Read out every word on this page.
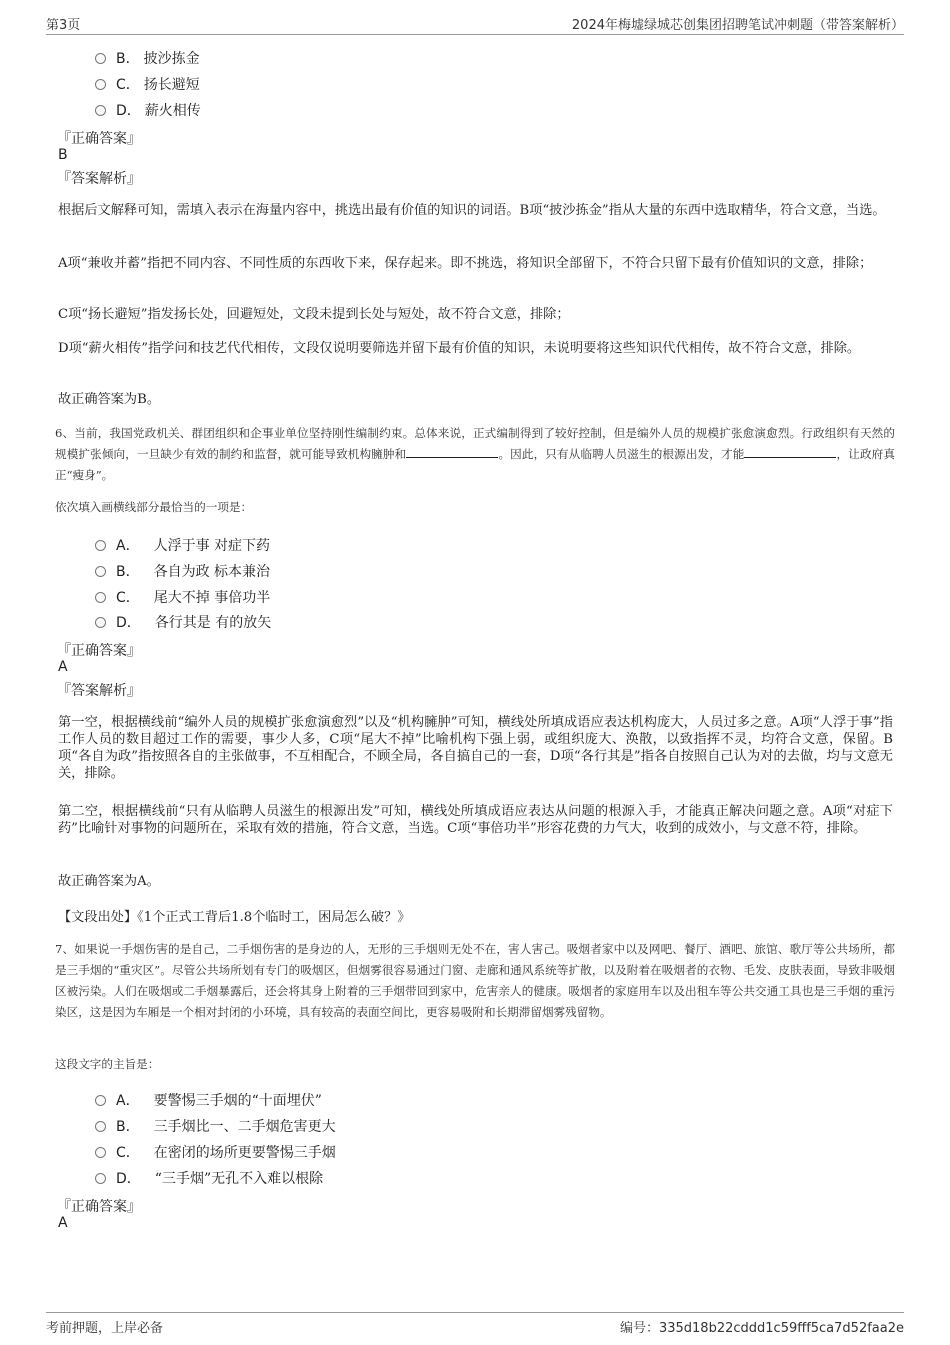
第3页	2024年梅墟绿城芯创集团招聘笔试冲刺题（带答案解析）
B． 披沙拣金
C． 扬长避短
D． 薪火相传
『正确答案』
B
『答案解析』
根据后文解释可知，需填入表示在海量内容中，挑选出最有价值的知识的词语。B项“披沙拣金”指从大量的东西中选取精华，符合文意，当选。
A项“兼收并蓄”指把不同内容、不同性质的东西收下来，保存起来。即不挑选，将知识全部留下，不符合只留下最有价值知识的文意，排除；
C项“扬长避短”指发扬长处，回避短处，文段未提到长处与短处，故不符合文意，排除；
D项“薪火相传”指学问和技艺代代相传，文段仅说明要筛选并留下最有价值的知识，未说明要将这些知识代代相传，故不符合文意，排除。
故正确答案为B。
6、当前，我国党政机关、群团组织和企事业单位坚持刚性编制约束。总体来说，正式编制得到了较好控制，但是编外人员的规模扩张愈演愈烈。行政组织有天然的规模扩张倾向，一旦缺少有效的制约和监督，就可能导致机构臃肿和	。因此，只有从临聘人员滋生的根源出发，才能	，让政府真正“瘦身”。
依次填入画横线部分最恰当的一项是：
A． 人浮于事 对症下药
B． 各自为政 标本兼治
C． 尾大不掉 事倍功半
D． 各行其是 有的放矢
『正确答案』
A
『答案解析』
第一空，根据横线前“编外人员的规模扩张愈演愈烈”以及“机构臃肿”可知，横线处所填成语应表达机构庞大，人员过多之意。A项“人浮于事”指工作人员的数目超过工作的需要，事少人多，C项“尾大不掉”比喻机构下强上弱，或组织庞大、涣散，以致指挥不灵，均符合文意，保留。B项“各自为政”指按照各自的主张做事，不互相配合，不顾全局，各自搞自己的一套，D项“各行其是”指各自按照自己认为对的去做，均与文意无关，排除。
第二空，根据横线前“只有从临聘人员滋生的根源出发”可知，横线处所填成语应表达从问题的根源入手，才能真正解决问题之意。A项“对症下药”比喻针对事物的问题所在，采取有效的措施，符合文意，当选。C项“事倍功半”形容花费的力气大，收到的成效小，与文意不符，排除。
故正确答案为A。
【文段出处】《1个正式工背后1.8个临时工，困局怎么破？》
7、如果说一手烟伤害的是自己，二手烟伤害的是身边的人，无形的三手烟则无处不在，害人害己。吸烟者家中以及网吧、餐厅、酒吧、旅馆、歌厅等公共场所，都是三手烟的“重灾区”。尽管公共场所划有专门的吸烟区，但烟雾很容易通过门窗、走廊和通风系统等扩散，以及附着在吸烟者的衣物、毛发、皮肤表面，导致非吸烟区被污染。人们在吸烟或二手烟暴露后，还会将其身上附着的三手烟带回到家中，危害亲人的健康。吸烟者的家庭用车以及出租车等公共交通工具也是三手烟的重污染区，这是因为车厢是一个相对封闭的小环境，具有较高的表面空间比，更容易吸附和长期滞留烟雾残留物。
这段文字的主旨是：
A． 要警惕三手烟的“十面埋伏”
B． 三手烟比一、二手烟危害更大
C． 在密闭的场所更要警惕三手烟
D． “三手烟”无孔不入难以根除
『正确答案』
A
考前押题，上岸必备	编号：335d18b22cddd1c59fff5ca7d52faa2e
